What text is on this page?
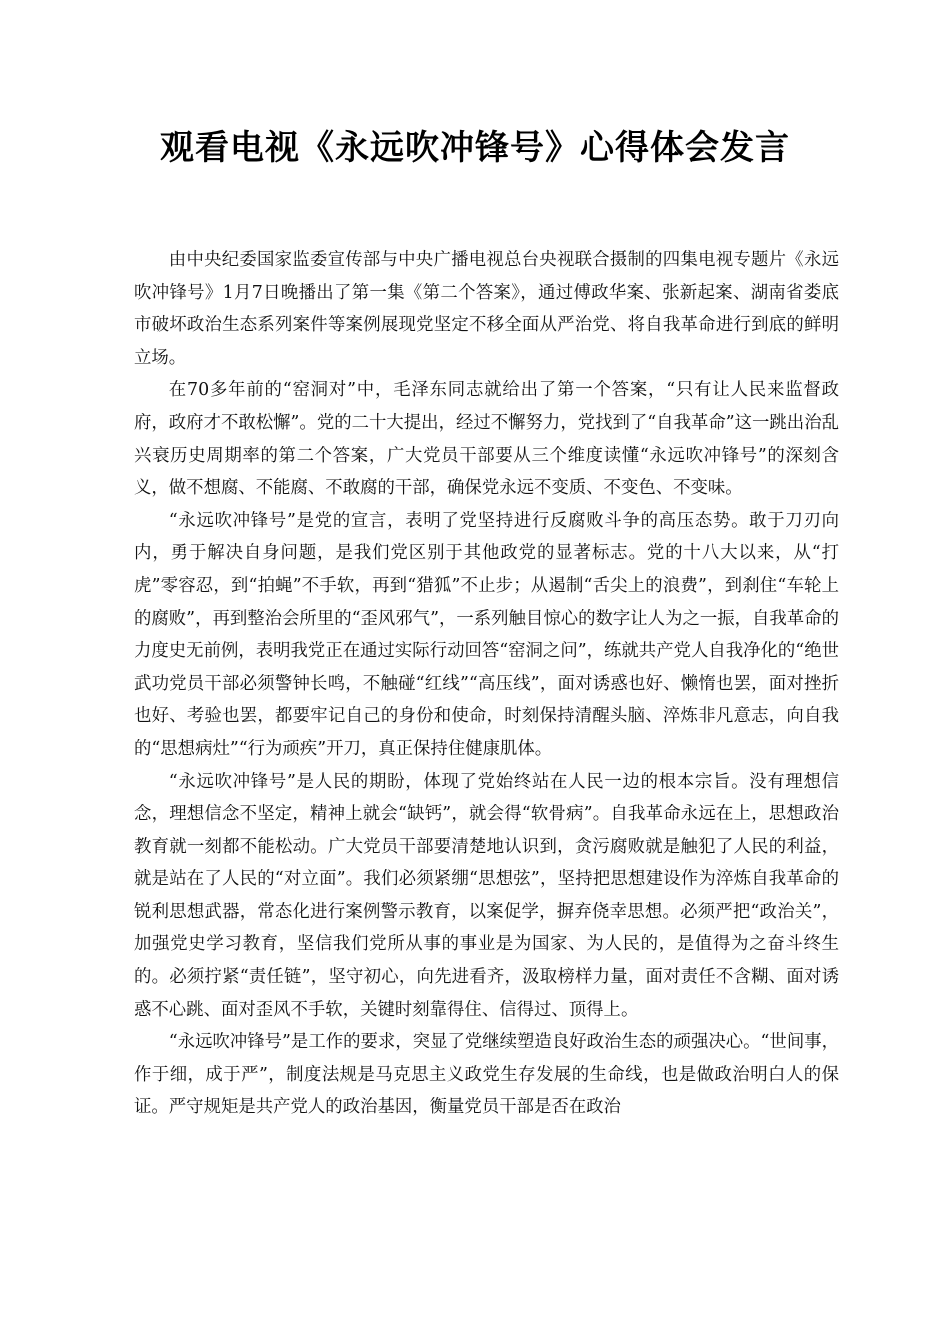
观看电视《永远吹冲锋号》心得体会发言

由中央纪委国家监委宣传部与中央广播电视总台央视联合摄制的四集电视专题片《永远吹冲锋号》1月7日晚播出了第一集《第二个答案》，通过傅政华案、张新起案、湖南省娄底市破坏政治生态系列案件等案例展现党坚定不移全面从严治党、将自我革命进行到底的鲜明立场。

在70多年前的“窑洞对”中，毛泽东同志就给出了第一个答案，“只有让人民来监督政府，政府才不敢松懈”。党的二十大提出，经过不懈努力，党找到了“自我革命”这一跳出治乱兴衰历史周期率的第二个答案，广大党员干部要从三个维度读懂“永远吹冲锋号”的深刻含义，做不想腐、不能腐、不敢腐的干部，确保党永远不变质、不变色、不变味。

“永远吹冲锋号”是党的宣言，表明了党坚持进行反腐败斗争的高压态势。敢于刀刃向内，勇于解决自身问题，是我们党区别于其他政党的显著标志。党的十八大以来，从“打虎”零容忍，到“拍蝇”不手软，再到“猎狐”不止步；从遏制“舌尖上的浪费”，到刹住“车轮上的腐败”，再到整治会所里的“歪风邪气”，一系列触目惊心的数字让人为之一振，自我革命的力度史无前例，表明我党正在通过实际行动回答“窑洞之问”，练就共产党人自我净化的“绝世武功党员干部必须警钟长鸣，不触碰“红线”“高压线”，面对诱惑也好、懒惰也罢，面对挫折也好、考验也罢，都要牢记自己的身份和使命，时刻保持清醒头脑、淬炼非凡意志，向自我的“思想病灶”“行为顽疾”开刀，真正保持住健康肌体。

“永远吹冲锋号”是人民的期盼，体现了党始终站在人民一边的根本宗旨。没有理想信念，理想信念不坚定，精神上就会“缺钙”，就会得“软骨病”。自我革命永远在上，思想政治教育就一刻都不能松动。广大党员干部要清楚地认识到，贪污腐败就是触犯了人民的利益，就是站在了人民的“对立面”。我们必须紧绷“思想弦”，坚持把思想建设作为淬炼自我革命的锐利思想武器，常态化进行案例警示教育，以案促学，摒弃侥幸思想。必须严把“政治关”，加强党史学习教育，坚信我们党所从事的事业是为国家、为人民的，是值得为之奋斗终生的。必须拧紧“责任链”，坚守初心，向先进看齐，汲取榜样力量，面对责任不含糊、面对诱惑不心跳、面对歪风不手软，关键时刻靠得住、信得过、顶得上。

“永远吹冲锋号”是工作的要求，突显了党继续塑造良好政治生态的顽强决心。“世间事，作于细，成于严”，制度法规是马克思主义政党生存发展的生命线，也是做政治明白人的保证。严守规矩是共产党人的政治基因，衡量党员干部是否在政治
